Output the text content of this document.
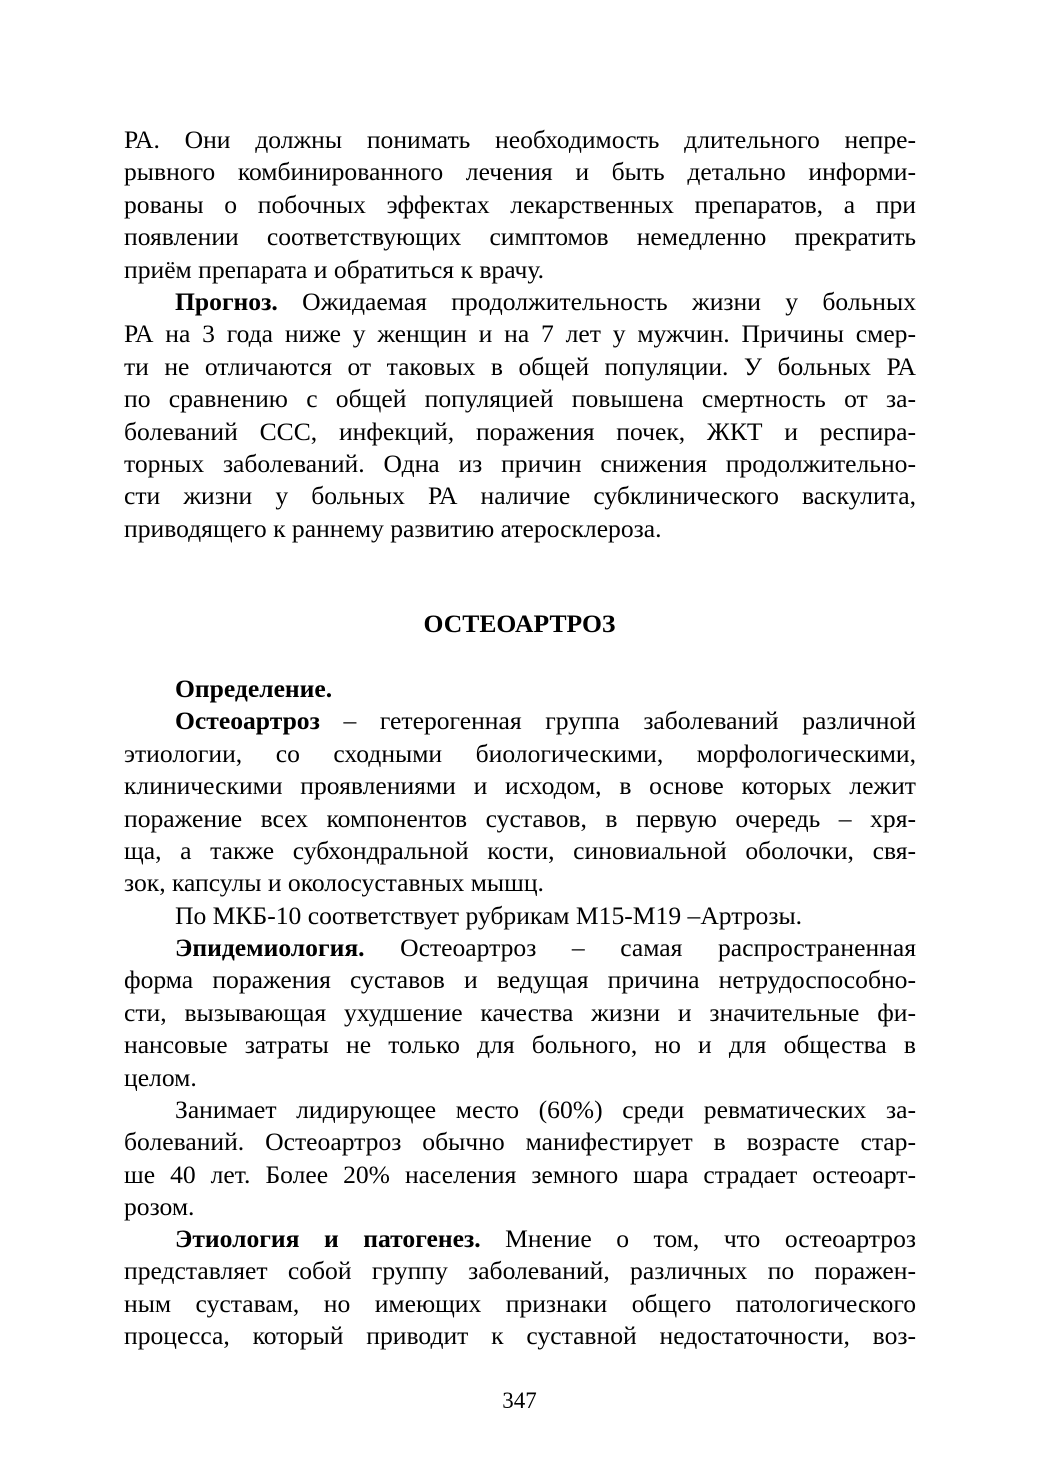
РА. Они должны понимать необходимость длительного непре-
рывного комбинированного лечения и быть детально информи-
рованы о побочных эффектах лекарственных препаратов, а при
появлении соответствующих симптомов немедленно прекратить
приём препарата и обратиться к врачу.
Прогноз. Ожидаемая продолжительность жизни у больных
РА на 3 года ниже у женщин и на 7 лет у мужчин. Причины смер-
ти не отличаются от таковых в общей популяции. У больных РА
по сравнению с общей популяцией повышена смертность от за-
болеваний ССС, инфекций, поражения почек, ЖКТ и респира-
торных заболеваний. Одна из причин снижения продолжительно-
сти жизни у больных РА наличие субклинического васкулита,
приводящего к раннему развитию атеросклероза.
ОСТЕОАРТРОЗ
Определение.
Остеоартроз – гетерогенная группа заболеваний различной
этиологии, со сходными биологическими, морфологическими,
клиническими проявлениями и исходом, в основе которых лежит
поражение всех компонентов суставов, в первую очередь – хря-
ща, а также субхондральной кости, синовиальной оболочки, свя-
зок, капсулы и околосуставных мышц.
По МКБ-10 соответствует рубрикам М15-М19 –Артрозы.
Эпидемиология. Остеоартроз – самая распространенная
форма поражения суставов и ведущая причина нетрудоспособно-
сти, вызывающая ухудшение качества жизни и значительные фи-
нансовые затраты не только для больного, но и для общества в
целом.
Занимает лидирующее место (60%) среди ревматических за-
болеваний. Остеоартроз обычно манифестирует в возрасте стар-
ше 40 лет. Более 20% населения земного шара страдает остеоарт-
розом.
Этиология и патогенез. Мнение о том, что остеоартроз
представляет собой группу заболеваний, различных по поражен-
ным суставам, но имеющих признаки общего патологического
процесса, который приводит к суставной недостаточности, воз-
347
